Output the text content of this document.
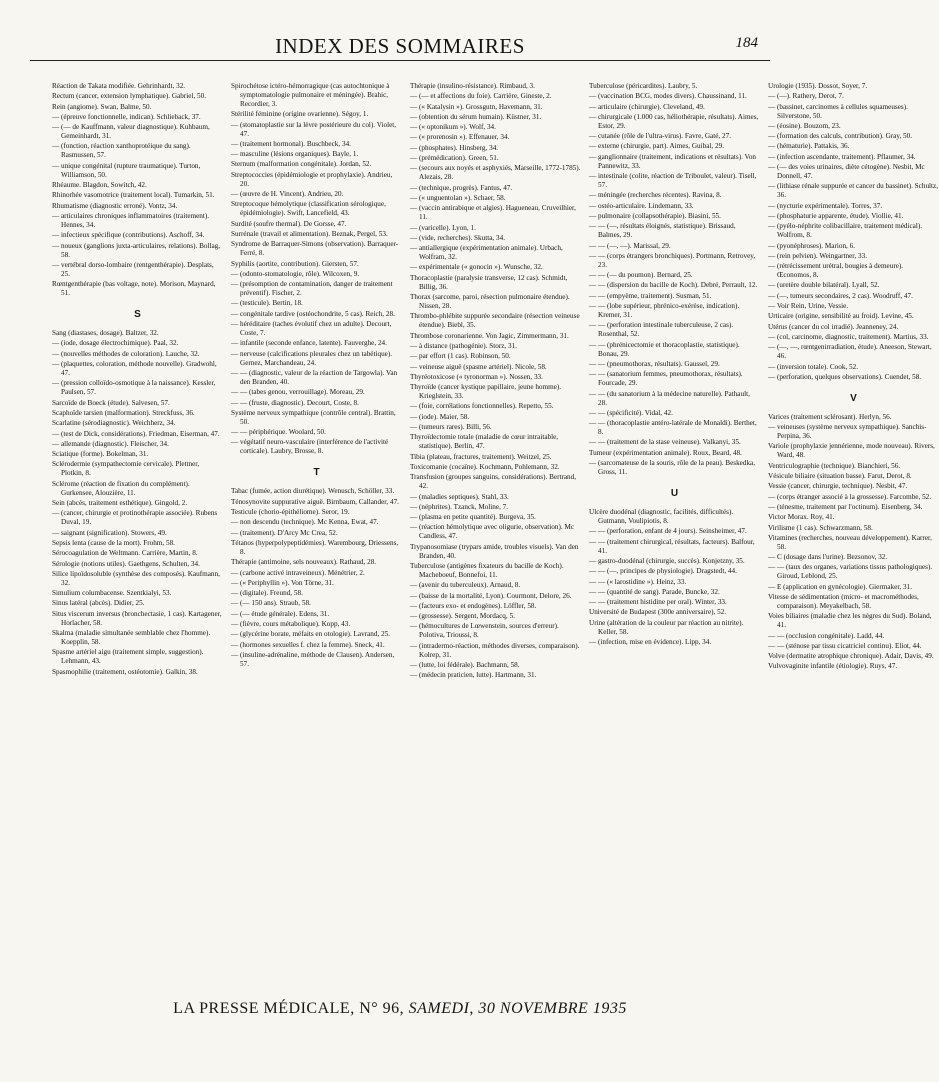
INDEX DES SOMMAIRES	184
Réaction de Takata modifiée. Gehrinhardt, 32.
Rectum (cancer, extension lymphatique). Gabriel, 50.
Rein (angiome). Swan, Balme, 50.
— (épreuve fonctionnelle, indican). Schlieback, 37.
— (— de Kauffmann, valeur diagnostique). Kuhbaum, Gemeinhardt, 31.
— (fonction, réaction xanthoprotéique du sang). Rasmussen, 57.
— unique congénital (rupture traumatique). Turton, Williamson, 50.
Rhéaume. Blagdon, Sowitch, 42.
Rhinorhée vasomotrice (traitement local). Tumarkin, 51.
Rhumatisme (diagnostic erroné). Vontz, 34.
— articulaires chroniques inflammatoires (traitement). Hennes, 34.
— infectieux spécifique (contributions). Aschoff, 34.
— noueux (ganglions juxta-articulaires, relations). Bollag, 58.
— vertébral dorso-lombaire (rentgenthérapie). Desplats, 25.
Rœntgenthérapie (bas voltage, note). Morison, Maynard, 51.
S
Sang (diastases, dosage). Baltzer, 32.
— (iode, dosage électrochimique). Paal, 32.
— (nouvelles méthodes de coloration). Lauche, 32.
— (plaquettes, coloration, méthode nouvelle). Gradwohl, 47.
— (pression colloïdo-osmotique à la naissance). Kessler, Paulsen, 57.
Sarcoïde de Boeck (étude). Salvesen, 57.
Scaphoïde tarsien (malformation). Streckfuss, 36.
Scarlatine (sérodiagnostic). Weichherz, 34.
— (test de Dick, considérations). Friedman, Eiserman, 47.
— allemande (diagnostic). Fleischer, 34.
Sciatique (forme). Bokelman, 31.
Sclérodermie (sympathectomie cervicale). Plettner, Plotkin, 8.
Sclérome (réaction de fixation du complément). Gurkensee, Alouzière, 11.
Sein (abcès, traitement esthétique). Gingold, 2.
— (cancer, chirurgie et protinothérapie associée). Rubens Duval, 19.
— saignant (signification). Stowers, 49.
Sepsis lenta (cause de la mort). Frohm, 58.
Sérocoagulation de Weltmann. Carrière, Martin, 8.
Sérologie (notions utiles). Gaethgens, Schulten, 34.
Silice lipoïdosoluble (synthèse des composés). Kaufmann, 32.
Simulium columbacense. Szentkialyi, 53.
Sinus latéral (abcès). Didier, 25.
Situs viscerum inversus (bronchectasie, 1 cas). Kartagener, Horlacher, 58.
Skalma (maladie simultanée semblable chez l'homme). Koepplin, 58.
Spasme artériel aigu (traitement simple, suggestion). Lehmann, 43.
Spasmophilie (traitement, ostéotomie). Galkin, 38.
Spirochétose ictéro-hémorragique (cas autochtonique à symptomatologie pulmonaire et méningée). Brahic, Recordier, 3.
Stérilité féminine (origine ovarienne). Ségoy, 1.
— (stomatoplastie sur la lèvre postérieure du col). Violet, 47.
— (traitement hormonal). Buschbeck, 34.
— masculine (lésions organiques). Bayle, 1.
Sternum (malformation congénitale). Jordan, 52.
Streptococcies (épidémiologie et prophylaxie). Andrieu, 20.
— (œuvre de H. Vincent). Andrieu, 20.
Streptocoque hémolytique (classification sérologique, épidémiologie). Swift, Lancefield, 43.
Surdité (soufre thermal). De Gorsse, 47.
Surrénale (travail et alimentation). Beznak, Pergel, 53.
Syndrome de Barraquer-Simons (observation). Barraquer-Ferré, 8.
Syphilis (aortite, contribution). Giersten, 57.
— (odonto-stomatologie, rôle). Wilcoxen, 9.
— (présomption de contamination, danger de traitement préventif). Fischer, 2.
— (testicule). Bertin, 18.
— congénitale tardive (ostéochondrite, 5 cas). Reich, 28.
— héréditaire (taches évolutif chez un adulte). Decourt, Coste, 7.
— infantile (seconde enfance, latente). Fauverghe, 24.
— nerveuse (calcifications pleurales chez un tabétique). Gernez, Marchandeau, 24.
— — (diagnostic, valeur de la réaction de Targowla). Van den Branden, 40.
— — (tabes genou, verrouillage). Moreau, 29.
— — (fruste, diagnostic). Decourt, Coste, 8.
Système nerveux sympathique (contrôle central). Brattin, 50.
— — périphérique. Woolard, 50.
— végétatif neuro-vasculaire (interférence de l'activité corticale). Laubry, Brosse, 8.
T
Tabac (fumée, action diurétique). Wenusch, Schöller, 33.
Ténosynovite suppurative aiguë. Birnbaum, Callander, 47.
Testicule (chorio-épithéliome). Seror, 19.
— non descendu (technique). Mc Kenna, Ewat, 47.
— (traitement). D'Arcy Mc Crea, 52.
Tétanos (hyperpolypeptidémies). Warembourg, Driessens, 8.
Thérapie (antimoine, sels nouveaux). Rathaud, 28.
— (carbone activé intraveineux). Ménétrier, 2.
— (« Periphyllin »). Von Törne, 31.
— (digitale). Freund, 58.
— (— 150 ans). Straub, 58.
— (— étude générale). Edens, 31.
— (fièvre, cours métabolique). Kopp, 43.
— (glycérine borate, méfaits en otologie). Lavrand, 25.
— (hormones sexuelles f. chez la femme). Sneck, 41.
— (insuline-adrénaline, méthode de Clausen). Andersen, 57.
Thérapie (insulino-résistance). Rimbaud, 3.
— (— et affections du foie). Carrière, Gineste, 2.
— (« Katalysin »). Grossgutn, Havemann, 31.
— (obtention du sérum humain). Küstner, 31.
— (« optonikum »). Wolf, 34.
— (« prorenosin »). Effenauer, 34.
— (phosphates). Hinsberg, 34.
— (prémédication). Green, 51.
— (secours aux noyés et asphyxiés, Marseille, 1772-1785). Alezais, 28.
— (technique, progrès). Fantus, 47.
— (« unguentolan »). Schaer, 58.
— (vaccin antirabique et algies). Hagueneau, Cruveilhier, 11.
— (varicelle). Lyon, 1.
— (vide, recherches). Skutta, 34.
— antiallergique (expérimentation animale). Urbach, Wolfram, 32.
— expérimentale (« gonocin »). Wunsche, 32.
Thoracoplastie (paralysie transverse, 12 cas). Schmidt, Billig, 36.
Thorax (sarcome, paroi, résection pulmonaire étendue). Nissen, 28.
Thrombo-phlébite suppurée secondaire (résection veineuse étendue). Biebl, 35.
Thrombose coronarienne. Von Jagic, Zimmermann, 31.
— à distance (pathogénie). Storz, 31.
— par effort (1 cas). Robinson, 50.
— veineuse aiguë (spasme artériel). Nicole, 58.
Thyréotoxicose (« tyronorman »). Nossen, 33.
Thyroïde (cancer kystique papillaire, jeune homme). Krieglstein, 33.
— (foie, corrélations fonctionnelles). Repetto, 55.
— (iode). Maier, 58.
— (tumeurs rares). Billi, 56.
Thyroïdectomie totale (maladie de cœur intraitable, statistique). Berlin, 47.
Tibia (plateau, fractures, traitement). Weitzel, 25.
Toxicomanie (cocaïne). Kochmann, Pohlemann, 32.
Transfusion (groupes sanguins, considérations). Bertrand, 42.
— (maladies septiques). Stahl, 33.
— (néphrites). Tzanck, Moline, 7.
— (plasma en petite quantité). Burgeva, 35.
— (réaction hémolytique avec oligurie, observation). Mc Candless, 47.
Trypanosomiase (trypars amide, troubles visuels). Van den Branden, 40.
Tuberculose (antigènes fixateurs du bacille de Koch). Macheboeuf, Bonnefoi, 11.
— (avenir du tuberculeux). Arnaud, 8.
— (baisse de la mortalité, Lyon). Courmont, Delore, 26.
— (facteurs exo- et endogènes). Löffler, 58.
— (grossesse). Sergent, Mordacq, 5.
— (hémocultures de Lœwenstein, sources d'erreur). Polotiva, Trioussi, 8.
— (intradermo-réaction, méthodes diverses, comparaison). Kolrep, 31.
— (lutte, loi fédérale). Bachmann, 58.
— (médecin praticien, lutte). Hartmann, 31.
Tuberculose (péricardites). Laubry, 5.
— (vaccination BCG, modes divers). Chaussinand, 11.
— articulaire (chirurgie). Cleveland, 49.
— chirurgicale (1.000 cas, héliothérapie, résultats). Aimes, Estor, 29.
— cutanée (rôle de l'ultra-virus). Favre, Gaté, 27.
— externe (chirurgie, part). Aimes, Guibal, 29.
— ganglionnaire (traitement, indications et résultats). Von Pannewitz, 33.
— intestinale (colite, réaction de Triboulet, valeur). Tisell, 57.
— méningée (recherches récentes). Ravina, 8.
— ostéo-articulaire. Lindemann, 33.
— pulmonaire (collapsothérapie). Biasini, 55.
— — (—, résultats éloignés, statistique). Brissaud, Balmes, 29.
— — (—, —). Marissal, 29.
— — (corps étrangers bronchiques). Portmann, Retrovey, 23.
— — (— du poumon). Bernard, 25.
— — (dispersion du bacille de Koch). Debré, Perrault, 12.
— — (empyème, traitement). Susman, 51.
— — (lobe supérieur, phrénico-exérèse, indication). Kremer, 31.
— — (perforation intestinale tuberculeuse, 2 cas). Rosenthal, 52.
— — (phrénicectomie et thoracoplastie, statistique). Bonau, 29.
— — (pneumothorax, résultats). Gaussel, 29.
— — (sanatorium femmes, pneumothorax, résultats). Fourcade, 29.
— — (du sanatorium à la médecine naturelle). Pathault, 28.
— — (spécificité). Vidal, 42.
— — (thoracoplastie antéro-latérale de Monaldi). Berthet, 8.
— — (traitement de la stase veineuse). Valkanyi, 35.
Tumeur (expérimentation animale). Roux, Beard, 48.
— (sarcomateuse de la souris, rôle de la peau). Beskedka, Gross, 11.
U
Ulcère duodénal (diagnostic, facilités, difficultés). Gutmann, Voulipiotis, 8.
— — (perforation, enfant de 4 jours). Seinsheimer, 47.
— — (traitement chirurgical, résultats, facteurs). Balfour, 41.
— gastro-duodénal (chirurgie, succès). Konjetzny, 35.
— — (—, principes de physiologie). Dragstedt, 44.
— — (« larostidine »). Heinz, 33.
— — (quantité de sang). Parade, Buncke, 32.
— — (traitement histidine per oral). Winter, 33.
Université de Budapest (300e anniversaire), 52.
Urine (altération de la couleur par réaction au nitrite). Keller, 58.
— (infection, mise en évidence). Lipp, 34.
Urologie (1935). Dossot, Soyer, 7.
— (—). Rathery, Derot, 7.
— (bassinet, carcinomes à cellules squameuses). Silverstone, 50.
— (éosine). Bouzom, 23.
— (formation des calculs, contribution). Gray, 50.
— (hématurie). Pattakis, 36.
— (infection ascendante, traitement). Pflaumer, 34.
— (— des voies urinaires, diète cétogène). Nesbit, Mc Donnell, 47.
— (lithiase rénale suppurée et cancer du bassinet). Schultz, 36.
— (nycturie expérimentale). Torres, 37.
— (phosphaturie apparente, étude). Viollie, 41.
— (pyélo-néphrite colibacillaire, traitement médical). Wolfrom, 8.
— (pyonéphroses). Marion, 6.
— (rein pelvien). Weingartner, 33.
— (rétrécissement urétral, bougies à demeure). Œconomos, 8.
— (uretère double bilatéral). Lyall, 52.
— (—, tumeurs secondaires, 2 cas). Woodruff, 47.
— Voir Rein, Urine, Vessie.
Urticaire (origine, sensibilité au froid). Levine, 45.
Utérus (cancer du col irradié). Jeanneney, 24.
— (col, carcinome, diagnostic, traitement). Martius, 33.
— (—, —, rœntgenirradiation, étude). Aneeson, Stewart, 46.
— (inversion totale). Cook, 52.
— (perforation, quelques observations). Cuendet, 58.
V
Varices (traitement sclérosant). Herlyn, 56.
— veineuses (système nerveux sympathique). Sanchis-Perpina, 36.
Variole (prophylaxie jennérienne, mode nouveau). Rivers, Ward, 48.
Ventriculographie (technique). Bianchieri, 56.
Vésicule biliaire (situation basse). Farut, Derot, 8.
Vessie (cancer, chirurgie, technique). Nesbit, 47.
— (corps étranger associé à la grossesse). Farcombe, 52.
— (ténesme, traitement par l'octinum). Eisenberg, 34.
Victor Morax. Roy, 41.
Virilisme (1 cas). Schwarzmann, 58.
Vitamines (recherches, nouveau développement). Karrer, 58.
— C (dosage dans l'urine). Bezsonov, 32.
— — (taux des organes, variations tissus pathologiques). Giroud, Leblond, 25.
— E (application en gynécologie). Giermaker, 31.
Vitesse de sédimentation (micro- et macrométhodes, comparaison). Meyakelbach, 58.
Voies biliaires (maladie chez les nègres du Sud). Boland, 41.
— — (occlusion congénitale). Ladd, 44.
— — (sténose par tissu cicatriciel continu). Eliot, 44.
Volve (dermatite atrophique chronique). Adair, Davis, 49.
Vulvovaginite infantile (étiologie). Ruys, 47.
LA PRESSE MÉDICALE, N° 96, SAMEDI, 30 NOVEMBRE 1935
